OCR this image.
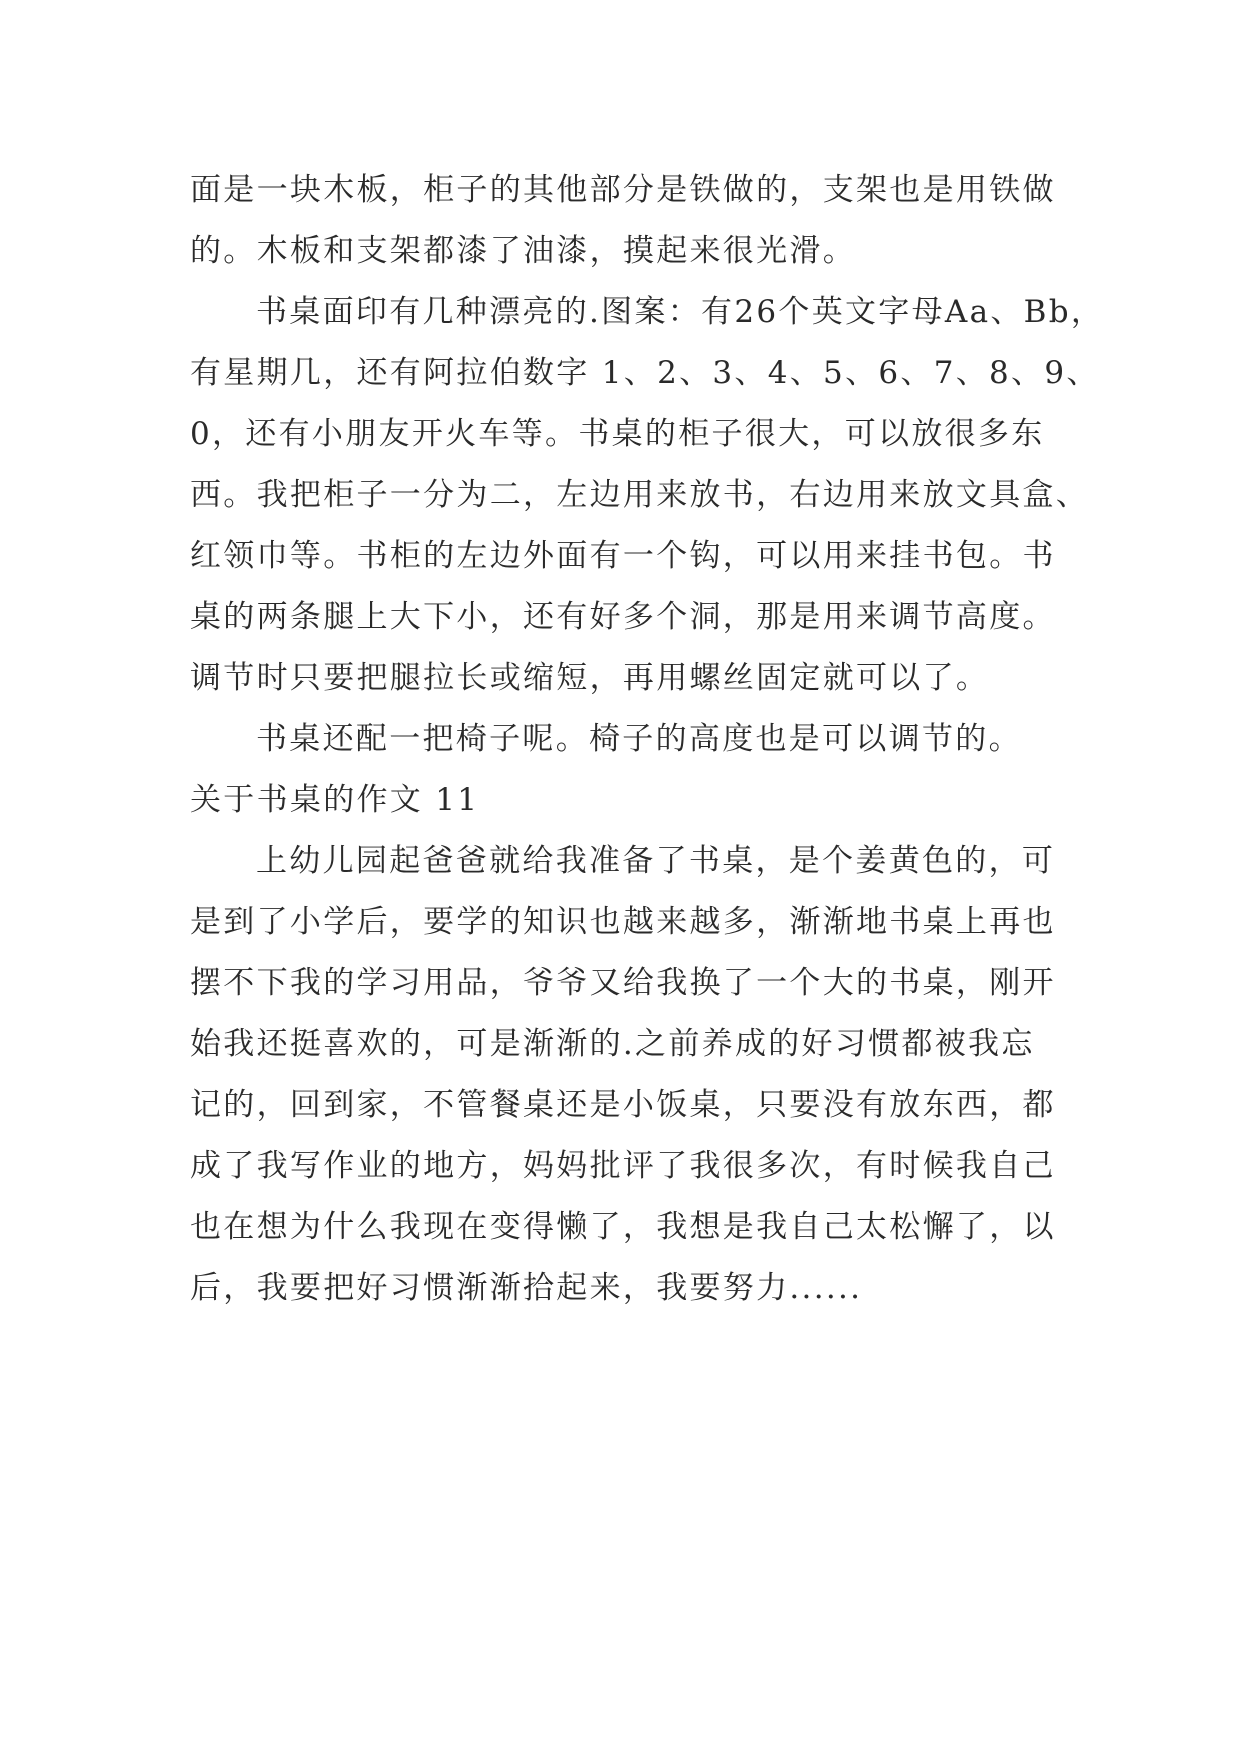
面是一块木板，柜子的其他部分是铁做的，支架也是用铁做
的。木板和支架都漆了油漆，摸起来很光滑。
书桌面印有几种漂亮的.图案：有26个英文字母Aa、Bb，
有星期几，还有阿拉伯数字 1、2、3、4、5、6、7、8、9、
0，还有小朋友开火车等。书桌的柜子很大，可以放很多东
西。我把柜子一分为二，左边用来放书，右边用来放文具盒、
红领巾等。书柜的左边外面有一个钩，可以用来挂书包。书
桌的两条腿上大下小，还有好多个洞，那是用来调节高度。
调节时只要把腿拉长或缩短，再用螺丝固定就可以了。
书桌还配一把椅子呢。椅子的高度也是可以调节的。
关于书桌的作文 11
上幼儿园起爸爸就给我准备了书桌，是个姜黄色的，可
是到了小学后，要学的知识也越来越多，渐渐地书桌上再也
摆不下我的学习用品，爷爷又给我换了一个大的书桌，刚开
始我还挺喜欢的，可是渐渐的.之前养成的好习惯都被我忘
记的，回到家，不管餐桌还是小饭桌，只要没有放东西，都
成了我写作业的地方，妈妈批评了我很多次，有时候我自己
也在想为什么我现在变得懒了，我想是我自己太松懈了，以
后，我要把好习惯渐渐拾起来，我要努力......
